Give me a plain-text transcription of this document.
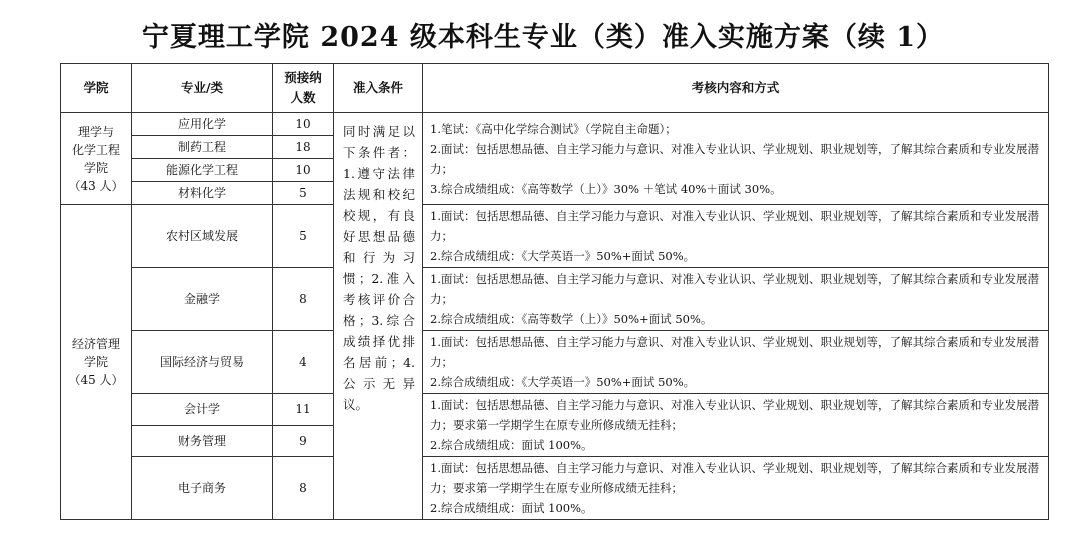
宁夏理工学院 2024 级本科生专业（类）准入实施方案（续 1）
学院	专业/类	预接纳人数	准入条件	考核内容和方式

理学与
化学工程
学院
（43 人）	应用化学	10	同时满足以下条件者：1.遵守法律法规和校纪校规，有良好思想品德和行为习惯；2.准入考核评价合格；3.综合成绩择优排名居前；4.公示无异议。	1.笔试：《高中化学综合测试》（学院自主命题）；
2.面试：包括思想品德、自主学习能力与意识、对准入专业认识、学业规划、职业规划等，了解其综合素质和专业发展潜力；
3.综合成绩组成：《高等数学（上）》30% ＋笔试 40%＋面试 30%。

	制药工程	18		
	能源化学工程	10		
	材料化学	5		

经济管理
学院
（45 人）	农村区域发展	5		1.面试：包括思想品德、自主学习能力与意识、对准入专业认识、学业规划、职业规划等，了解其综合素质和专业发展潜力；
2.综合成绩组成：《大学英语一》50%+面试 50%。

	金融学	8		1.面试：包括思想品德、自主学习能力与意识、对准入专业认识、学业规划、职业规划等，了解其综合素质和专业发展潜力；
2.综合成绩组成：《高等数学（上）》50%+面试 50%。

	国际经济与贸易	4		1.面试：包括思想品德、自主学习能力与意识、对准入专业认识、学业规划、职业规划等，了解其综合素质和专业发展潜力；
2.综合成绩组成：《大学英语一》50%+面试 50%。

	会计学	11		1.面试：包括思想品德、自主学习能力与意识、对准入专业认识、学业规划、职业规划等，了解其综合素质和专业发展潜力；要求第一学期学生在原专业所修成绩无挂科；
2.综合成绩组成：面试 100%。

	财务管理	9		
	电子商务	8		1.面试：包括思想品德、自主学习能力与意识、对准入专业认识、学业规划、职业规划等，了解其综合素质和专业发展潜力；要求第一学期学生在原专业所修成绩无挂科；
2.综合成绩组成：面试 100%。
